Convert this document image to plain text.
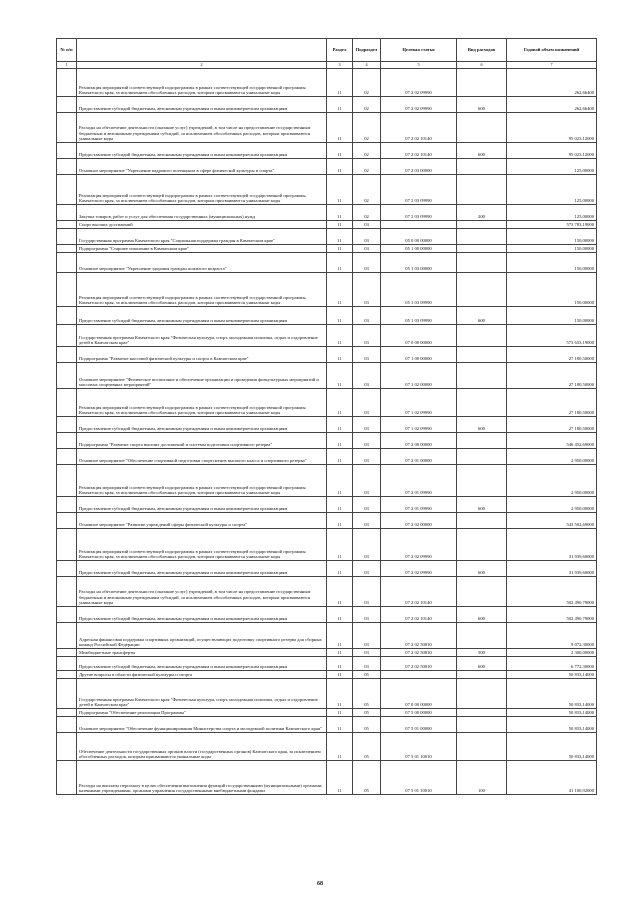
№ п/п		Раздел	Подраздел	Целевая статья	Вид расходов	Годовой объем назначений
1	2	3	4	5	6	7
	Реализация мероприятий соответствующей подпрограммы в рамках соответствующей государственной программы Камчатского края, за исключением обособленных расходов, которым присваиваются уникальные коды	11	02	07 2 02 09990		262,66400
	Предоставление субсидий бюджетным, автономным учреждениям и иным некоммерческим организациям	11	02	07 2 02 09990	600	262,66400
	Расходы на обеспечение деятельности (оказание услуг) учреждений, в том числе на предоставление государственным бюджетным и автономным учреждениям субсидий, за исключением обособленных расходов, которым присваиваются уникальные коды	11	02	07 2 02 10140		95 023,12000
	Предоставление субсидий бюджетным, автономным учреждениям и иным некоммерческим организациям	11	02	07 2 02 10140	600	95 023,12000
	Основное мероприятие "Укрепление кадрового потенциала в сфере физической культуры и спорта"	11	02	07 2 03 00000		125,00000
	Реализация мероприятий соответствующей подпрограммы в рамках соответствующей государственной программы Камчатского края, за исключением обособленных расходов, которым присваиваются уникальные коды	11	02	07 2 03 09990		125,00000
	Закупка товаров, работ и услуг для обеспечения государственных (муниципальных) нужд	11	02	07 2 03 09990	200	125,00000
	Спорт высших достижений	11	03			573 783,19000
	Государственная программа Камчатского края "Социальная поддержка граждан в Камчатском крае"	11	03	05 0 00 00000		150,00000
	Подпрограмма "Старшее поколение в Камчатском крае"	11	03	05 1 00 00000		150,00000
	Основное мероприятие "Укрепление здоровья граждан пожилого возраста"	11	03	05 1 03 00000		150,00000
	Реализация мероприятий соответствующей подпрограммы в рамках соответствующей государственной программы Камчатского края, за исключением обособленных расходов, которым присваиваются уникальные коды	11	03	05 1 03 09990		150,00000
	Предоставление субсидий бюджетным, автономным учреждениям и иным некоммерческим организациям	11	03	05 1 03 09990	600	150,00000
	Государственная программа Камчатского края "Физическая культура, спорт, молодежная политика, отдых и оздоровление детей в Камчатском крае"	11	03	07 0 00 00000		573 633,19000
	Подпрограмма "Развитие массовой физической культуры и спорта в Камчатском крае"	11	03	07 1 00 00000		27 180,50000
	Основное мероприятие "Физическое воспитание и обеспечение организации и проведения физкультурных мероприятий и массовых спортивных мероприятий"	11	03	07 1 02 00000		27 180,50000
	Реализация мероприятий соответствующей подпрограммы в рамках соответствующей государственной программы Камчатского края, за исключением обособленных расходов, которым присваиваются уникальные коды	11	03	07 1 02 09990		27 180,50000
	Предоставление субсидий бюджетным, автономным учреждениям и иным некоммерческим организациям	11	03	07 1 02 09990	600	27 180,50000
	Подпрограмма "Развитие спорта высших достижений и системы подготовки спортивного резерва"	11	03	07 2 00 00000		546 452,69000
	Основное мероприятие "Обеспечение спортивной подготовки спортсменов высокого класса и спортивного резерва"	11	03	07 2 01 00000		2 950,00000
	Реализация мероприятий соответствующей подпрограммы в рамках соответствующей государственной программы Камчатского края, за исключением обособленных расходов, которым присваиваются уникальные коды	11	03	07 2 01 09990		2 950,00000
	Предоставление субсидий бюджетным, автономным учреждениям и иным некоммерческим организациям	11	03	07 2 01 09990	600	2 950,00000
	Основное мероприятие "Развитие учреждений сферы физической культуры и спорта"	11	03	07 2 02 00000		543 502,69000
	Реализация мероприятий соответствующей подпрограммы в рамках соответствующей государственной программы Камчатского края, за исключением обособленных расходов, которым присваиваются уникальные коды	11	03	07 2 02 09990		31 939,60000
	Предоставление субсидий бюджетным, автономным учреждениям и иным некоммерческим организациям	11	03	07 2 02 09990	600	31 939,60000
	Расходы на обеспечение деятельности (оказание услуг) учреждений, в том числе на предоставление государственным бюджетным и автономным учреждениям субсидий, за исключением обособленных расходов, которым присваиваются уникальные коды	11	03	07 2 02 10140		502 490,79000
	Предоставление субсидий бюджетным, автономным учреждениям и иным некоммерческим организациям	11	03	07 2 02 10140	600	502 490,79000
	Адресная финансовая поддержка спортивных организаций, осуществляющих подготовку спортивного резерва для сборных команд Российской Федерации	11	03	07 2 02 50810		9 072,30000
	Межбюджетные трансферты	11	03	07 2 02 50810	500	2 300,00000
	Предоставление субсидий бюджетным, автономным учреждениям и иным некоммерческим организациям	11	03	07 2 02 50810	600	6 772,30000
	Другие вопросы в области физической культуры и спорта	11	05			50 833,14000
	Государственная программа Камчатского края "Физическая культура, спорт, молодежная политика, отдых и оздоровление детей в Камчатском крае"	11	05	07 0 00 00000		50 833,14000
	Подпрограмма "Обеспечение реализации Программы"	11	05	07 5 00 00000		50 833,14000
	Основное мероприятие "Обеспечение функционирования Министерства спорта и молодежной политики Камчатского края"	11	05	07 5 01 00000		50 833,14000
	Обеспечение деятельности государственных органов власти (государственных органов) Камчатского края, за исключением обособленных расходов, которым присваиваются уникальные коды	11	05	07 5 01 10010		50 833,14000
	Расходы на выплаты персоналу в целях обеспечения выполнения функций государственными (муниципальными) органами, казенными учреждениями, органами управления государственными внебюджетными фондами	11	05	07 5 01 10010	100	41 100,92000
68
